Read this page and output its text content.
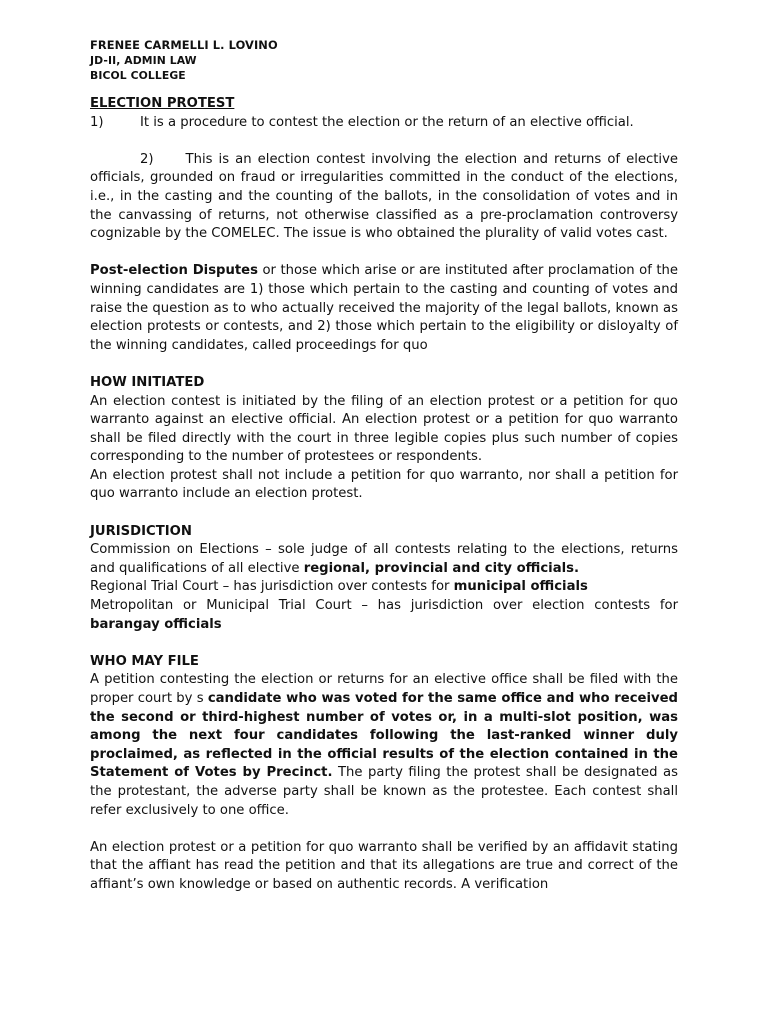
FRENEE CARMELLI L. LOVINO
JD-II, ADMIN LAW
BICOL COLLEGE
ELECTION PROTEST
1)	It is a procedure to contest the election or the return of an elective official.

2) This is an election contest involving the election and returns of elective officials, grounded on fraud or irregularities committed in the conduct of the elections, i.e., in the casting and the counting of the ballots, in the consolidation of votes and in the canvassing of returns, not otherwise classified as a pre-proclamation controversy cognizable by the COMELEC. The issue is who obtained the plurality of valid votes cast.

Post-election Disputes or those which arise or are instituted after proclamation of the winning candidates are 1) those which pertain to the casting and counting of votes and raise the question as to who actually received the majority of the legal ballots, known as election protests or contests, and 2) those which pertain to the eligibility or disloyalty of the winning candidates, called proceedings for quo

HOW INITIATED

An election contest is initiated by the filing of an election protest or a petition for quo warranto against an elective official. An election protest or a petition for quo warranto shall be filed directly with the court in three legible copies plus such number of copies corresponding to the number of protestees or respondents.

An election protest shall not include a petition for quo warranto, nor shall a petition for quo warranto include an election protest.

JURISDICTION

Commission on Elections – sole judge of all contests relating to the elections, returns and qualifications of all elective regional, provincial and city officials.

Regional Trial Court – has jurisdiction over contests for municipal officials

Metropolitan or Municipal Trial Court – has jurisdiction over election contests for barangay officials

WHO MAY FILE

A petition contesting the election or returns for an elective office shall be filed with the proper court by s candidate who was voted for the same office and who received the second or third-highest number of votes or, in a multi-slot position, was among the next four candidates following the last-ranked winner duly proclaimed, as reflected in the official results of the election contained in the Statement of Votes by Precinct. The party filing the protest shall be designated as the protestant, the adverse party shall be known as the protestee. Each contest shall refer exclusively to one office.

An election protest or a petition for quo warranto shall be verified by an affidavit stating that the affiant has read the petition and that its allegations are true and correct of the affiant’s own knowledge or based on authentic records. A verification
